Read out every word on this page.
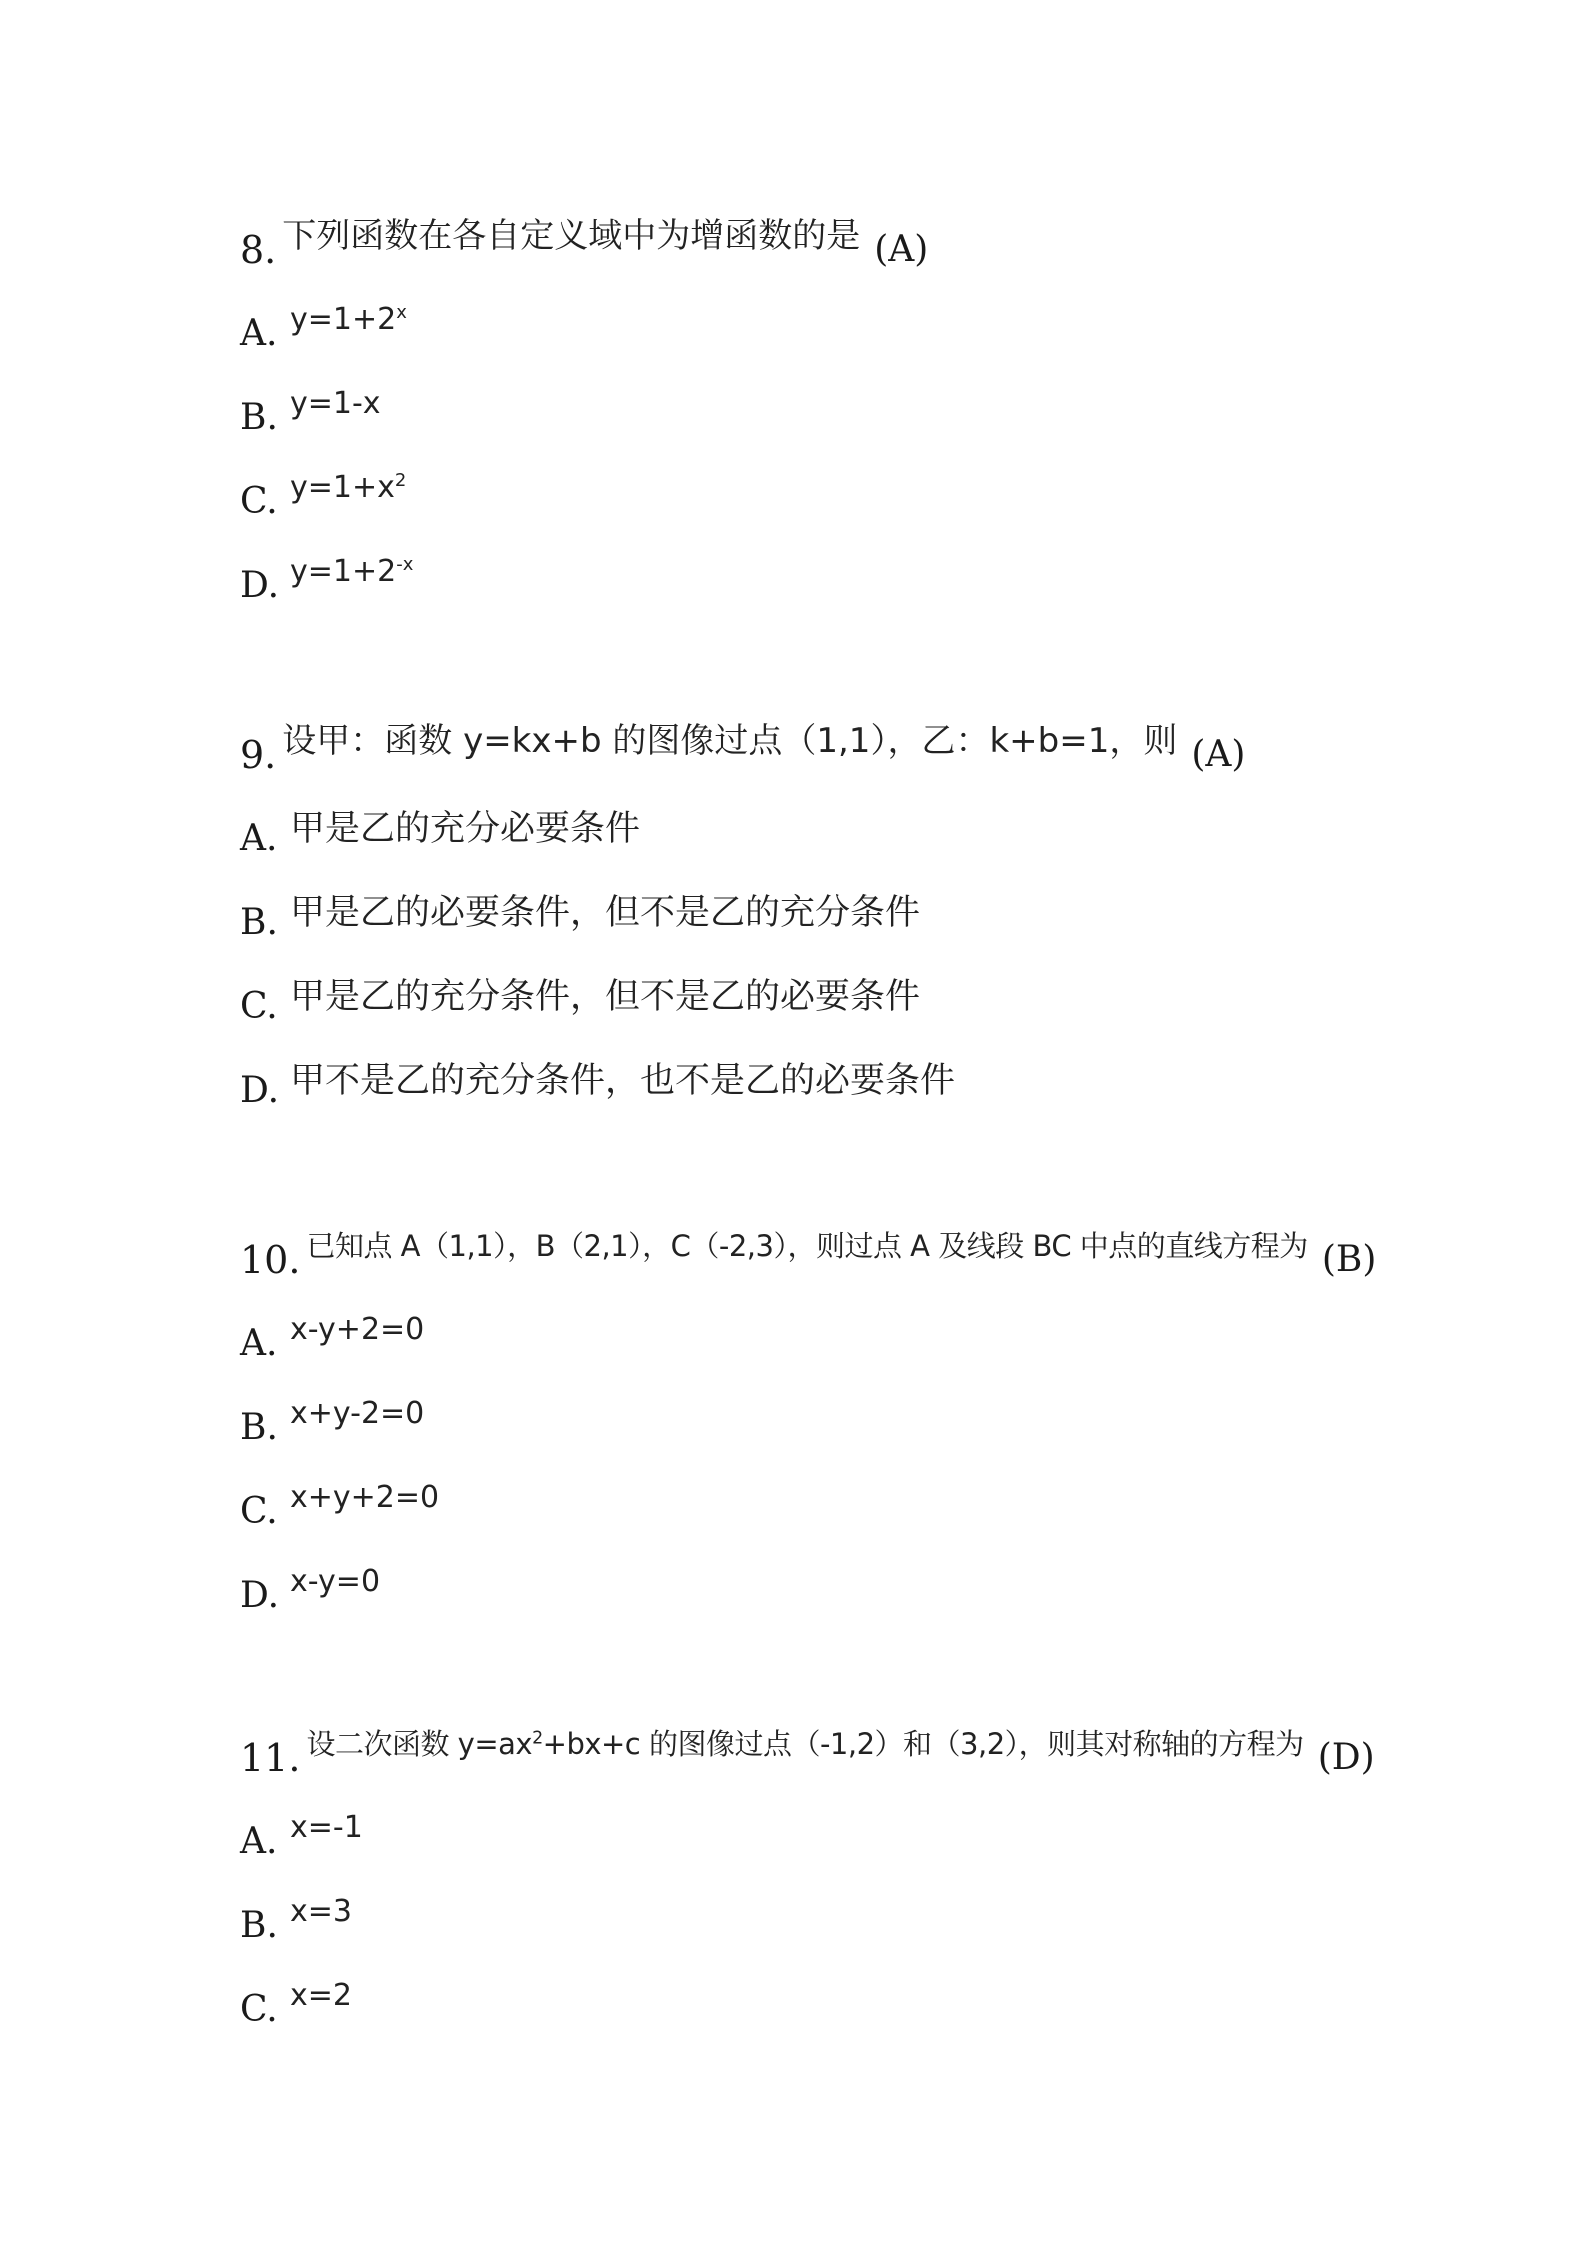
8. 下列函数在各自定义域中为增函数的是 (A)
A. $y=1+2^x$
B. y=1-x
C. $y=1+x^2$
D. $y=1+2^{-x}$
9. 设甲：函数 y=kx+b 的图像过点（1,1），乙：k+b=1，则 (A)
A. 甲是乙的充分必要条件
B. 甲是乙的必要条件，但不是乙的充分条件
C. 甲是乙的充分条件，但不是乙的必要条件
D. 甲不是乙的充分条件，也不是乙的必要条件
10. 已知点 A（1,1），B（2,1），C（-2,3），则过点 A 及线段 BC 中点的直线方程为 (B)
A. x-y+2=0
B. x+y-2=0
C. x+y+2=0
D. x-y=0
11. 设二次函数 $y=ax^2+bx+c$ 的图像过点（-1,2）和（3,2），则其对称轴的方程为 (D)
A. x=-1
B. x=3
C. x=2
